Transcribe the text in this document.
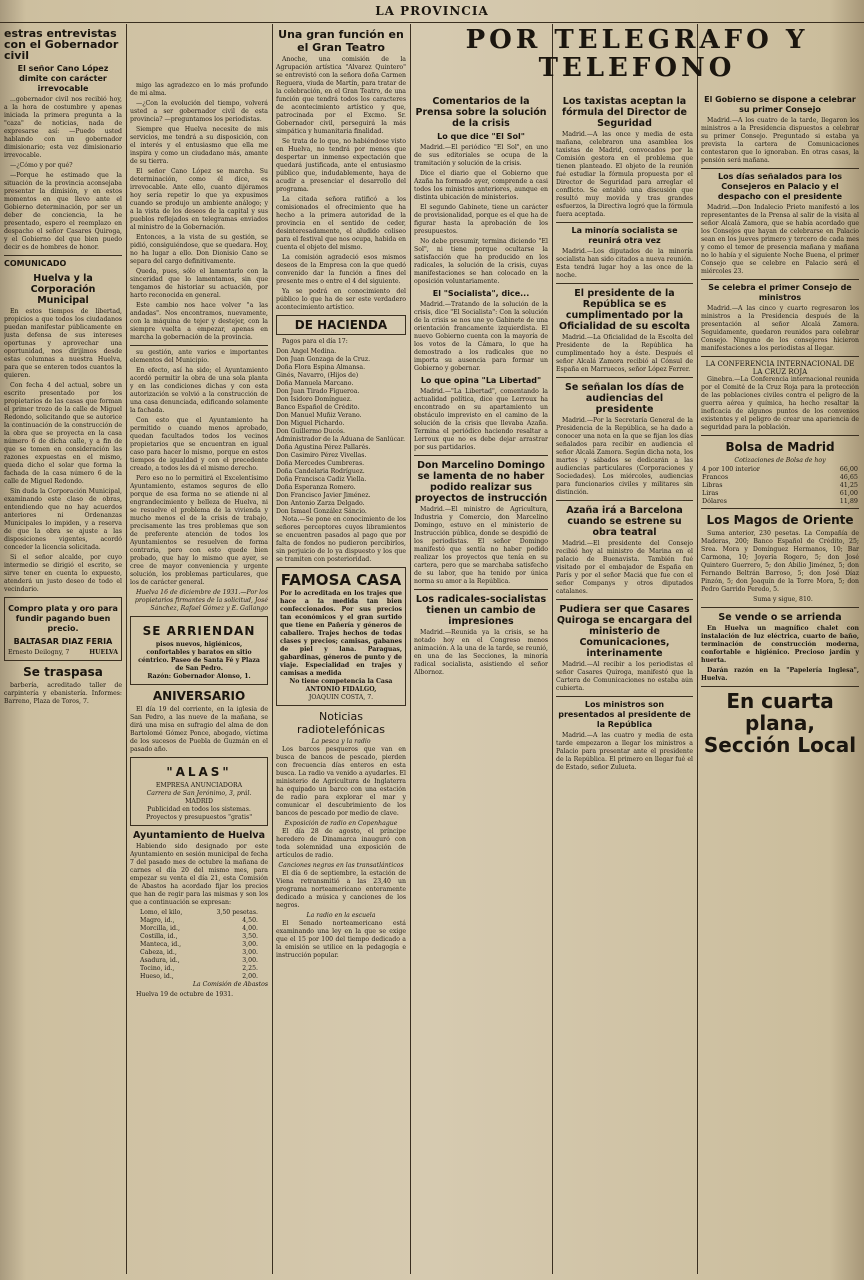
LA PROVINCIA
estras entrevistas con el Gobernador civil
El señor Cano López dimite con carácter irrevocable

...gobernador civil nos recibió hoy, a la hora de costumbre y apenas iniciada la primera pregunta a la "caza" de noticias, nada de expresarse así: —Puedo usted hablando con un gobernador dimisionario; esta vez dimisionario irrevocable.

—¿Cómo y por qué?

—Porque he estimado que la situación de la provincia aconsejaba presentar la dimisión, y en estos momentos en que llevo ante el Gobierno determinación, por ser un deber de conciencia, la he presentado, espero el reemplazo en despacho el señor Casares Quiroga, y el Gobierno del que bien puedo decir es de hombres de honor.

COMUNICADO
Huelva y la Corporación Municipal

En estos tiempos de libertad, propicios a que todos los ciudadanos puedan manifestar públicamente en justa defensa de sus intereses oportunas y aprovechar una oportunidad, nos dirijimos desde estas columnas a nuestra Huelva, para que se enteren todos cuantos la quieren.

Con fecha 4 del actual, sobre un escrito presentado por los propietarios de las casas que forman el primer trozo de la calle de Miguel Redondo, solicitando que se autorice la continuación de la construcción de la obra que se proyecta en la casa número 6 de dicha calle, y a fin de que se tomen en consideración las razones expuestas en el mismo, queda dicho el solar que forma la fachada de la casa número 6 de la calle de Miguel Redondo.

Sin duda la Corporación Municipal, examinando este claso de obras, entendiendo que no hay acuerdos anteriores ni Ordenanzas Municipales lo impiden, y a reserva de que la obra se ajuste a las disposiciones vigentes, acordó conceder la licencia solicitada.

Si el señor alcalde, por cuyo intermedio se dirigió el escrito, se sirve tener en cuenta lo expuesto, atenderá un justo deseo de todo el vecindario.

Compro plata y oro para fundir pagando buen precio.
BALTASAR DIAZ FERIA
Ernesto Deilogny, 7	HUELVA
Se traspasa

barbería, acreditado taller de carpintería y ebanistería. Informes: Barreno, Plaza de Toros, 7.

migo las agradezco en lo más profundo de mi alma.

—¿Con la evolución del tiempo, volverá usted a ser gobernador civil de esta provincia? —preguntamos los periodistas.

Siempre que Huelva necesite de mis servicios, me tendrá a su disposición, con el interés y el entusiasmo que ella me inspira y como un ciudadano más, amante de su tierra.

El señor Cano López se marcha. Su determinación, como él dice, es irrevocable. Ante ello, cuanto dijéramos hoy sería repetir lo que ya expusimos cuando se produjo un ambiente análogo; y a la vista de los deseos de la capital y sus pueblos reflejados en telegramas enviados al ministro de la Gobernación.

Entonces, a la vista de su gestión, se pidió, consiguiéndose, que se quedara. Hoy, no ha lugar a ello. Don Dionisio Cano se separa del cargo definitivamente.

Queda, pues, sólo el lamentarlo con la sinceridad que lo lamentamos, sin que tengamos de historiar su actuación, por harto reconocida en general.

Este cambio nos hace volver "a las andadas". Nos encontramos, nuevamente, con la máquina de tejer y destejer, con la siempre vuelta a empezar, apenas en marcha la gobernación de la provincia.

su gestión, ante varios e importantes elementos del Municipio.

En efecto, así ha sido; el Ayuntamiento acordó permitir la obra de una sola planta y en las condiciones dichas y con esta autorización se volvió a la construcción de una casa denunciada, edificando solamente la fachada.

Con esto que el Ayuntamiento ha permitido o cuando menos aprobado, quedan facultados todos los vecinos propietarios que se encuentran en igual caso para hacer lo mismo, porque en estos tiempos de igualdad y con el precedente creado, a todos les dá el mismo derecho.

Pero eso no lo permitirá el Excelentísimo Ayuntamiento, estamos seguros de ello porque de esa forma no se atiende ni al engrandecimiento y belleza de Huelva, ni se resuelve el problema de la vivienda y mucho menos el de la crisis de trabajo, precisamente las tres problemas que son de preferente atención de todos los Ayuntamientos se resuelven de forma contraria, pero con esto quede bien probado, que hay lo mismo que ayer, se cree de mayor conveniencia y urgente solución, los problemas particulares, que los de carácter general.

Huelva 16 de diciembre de 1931.—Por los propietarios firmantes de la solicitud, José Sánchez, Rafael Gómez y E. Gallango

SE ARRIENDAN
pisos nuevos, higiénicos, confortables y baratos en sitio céntrico. Paseo de Santa Fé y Plaza de San Pedro.
Razón: Gobernador Alonso, 1.
ANIVERSARIO

El día 19 del corriente, en la iglesia de San Pedro, a las nueve de la mañana, se dirá una misa en sufragio del alma de don Bartolomé Gómez Ponce, abogado, víctima de los sucesos de Puebla de Guzmán en el pasado año.

"ALAS"
EMPRESA ANUNCIADORA
Carrera de San Jerónimo, 3, prál.
MADRID
Publicidad en todos los sistemas.
Proyectos y presupuestos "gratis"
Ayuntamiento de Huelva

Habiendo sido designado por este Ayuntamiento en sesión municipal de fecha 7 del pasado mes de octubre la mañana de carnes el día 20 del mismo mes, para empezar su venta el día 21, esta Comisión de Abastos ha acordado fijar los precios que han de regir para las mismas y son los que a continuación se expresan:

Lomo, el kilo,	3,50 pesetas.
Magro, id.,	4,50.
Morcilla, id.,	4,00.
Costilla, id.,	3,50.
Manteca, id.,	3,00.
Cabeza, id.,	3,00.
Asadura, id.,	3,00.
Tocino, id.,	2,25.
Hueso, id.,	2,00.

La Comisión de Abastos

Huelva 19 de octubre de 1931.

Una gran función en el Gran Teatro

Anoche, una comisión de la Agrupación artística "Alvarez Quintero" se entrevistó con la señora doña Carmen Reguera, viuda de Martín, para tratar de la celebración, en el Gran Teatro, de una función que tendrá todos los caracteres de acontecimiento artístico y que, patrocinada por el Excmo. Sr. Gobernador civil, perseguirá la más simpática y humanitaria finalidad.

Se trata de lo que, no habiéndose visto en Huelva, no tendrá por menos que despertar un inmenso expectación que quedará justificada, ante el entusiasmo público que, indudablemente, haya de acudir a presenciar el desarrollo del programa.

La citada señora ratificó a los comisionados el ofrecimiento que ha hecho a la primera autoridad de la provincia en el sentido de ceder, desinteresadamente, el aludido coliseo para el festival que nos ocupa, habida en cuenta el objeto del mismo.

La comisión agradeció esos mismos deseos de la Empresa con la que quedó convenido dar la función a fines del presente mes o entre el 4 del siguiente.

Ya se podrá en conocimiento del público lo que ha de ser este verdadero acontecimiento artístico.

DE HACIENDA

Pagos para el día 17:

Don Angel Medina.
Don Juan Gonzaga de la Cruz.
Doña Flora Espina Almansa.
Ginés, Navarro, (Hijos de)
Doña Manuela Marcano.
Don Juan Tirado Figueroa.
Don Isidoro Domínguez.
Banco Español de Crédito.
Don Manuel Muñiz Verano.
Don Miguel Pichardo.
Don Guillermo Ducós.
Administrador de la Aduana de Sanlúcar.
Doña Agustina Pérez Pallarés.
Don Casimiro Pérez Vivellas.
Doña Mercedes Cumbreras.
Doña Candelaria Rodríguez.
Doña Francisca Cadiz Viella.
Doña Esperanza Romero.
Don Francisco Javier Jiménez.
Don Antonio Zarza Delgado.
Don Ismael González Sáncio.

Nota.—Se pone en conocimiento de los señores perceptores cuyos libramientos se encuentren pasados al pago que por falta de fondos no pudieron percibirlos, sin perjuicio de lo ya dispuesto y los que se tramiten con posterioridad.

FAMOSA CASA
Por lo acreditada en los trajes que hace a la medida tan bien confeccionados. Por sus precios tan económicos y el gran surtido que tiene en Pañería y géneros de caballero. Trajes hechos de todas clases y precios; camisas, gabanes de piel y lana. Paraguas, gabardinas, géneros de punto y de viaje. Especialidad en trajes y camisas a medida
No tiene competencia la Casa ANTONIO FIDALGO,
JOAQUIN COSTA, 7.
Noticias radiotelefónicas
La pesca y la radio

Los barcos pesqueros que van en busca de bancos de pescado, pierden con frecuencia días enteros en esta busca. La radio va venido a ayudarles. El ministerio de Agricultura de Inglaterra ha equipado un barco con una estación de radio para explorar el mar y comunicar el descubrimiento de los bancos de pescado por medio de clave.

Exposición de radio en Copenhague

El día 28 de agosto, el príncipe heredero de Dinamarca inauguró con toda solemnidad una exposición de artículos de radio.

Canciones negras en las transatlánticos

El día 6 de septiembre, la estación de Viena retransmitió a las 23,40 un programa norteamericano enteramente dedicado a música y canciones de los negros.

La radio en la escuela

El Senado norteamericano está examinando una ley en la que se exige que el 15 por 100 del tiempo dedicado a la emisión se utilice en la pedagogía e instrucción popular.

POR TELEGRAFO Y TELEFONO
Comentarios de la Prensa sobre la solución de la crisis
Lo que dice "El Sol"

Madrid.—El periódico "El Sol", en uno de sus editoriales se ocupa de la tramitación y solución de la crisis.

Dice el diario que el Gobierno que Azaña ha formado ayer, comprende a casi todos los ministros anteriores, aunque en distinta ubicación de ministerios.

El segundo Gabinete, tiene un carácter de provisionalidad, porque es el que ha de figurar hasta la aprobación de los presupuestos.

No debe presumir, termina diciendo "El Sol", ni tiene porque ocultarse la satisfacción que ha producido en los radicales, la solución de la crisis, cuyas manifestaciones se han colocado en la oposición voluntariamente.

El "Socialista", dice...

Madrid.—Tratando de la solución de la crisis, dice "El Socialista": Con la solución de la crisis se nos une yo Gabinete de una orientación francamente izquierdista. El nuevo Gobierno cuenta con la mayoría de los votos de la Cámara, lo que ha demostrado a los radicales que no importa su ausencia para formar un Gobierno y gobernar.

Lo que opina "La Libertad"

Madrid.—"La Libertad", comentando la actualidad política, dice que Lerroux ha encontrado en su apartamiento un obstáculo imprevisto en el camino de la solución de la crisis que llevaba Azaña. Termina el periódico haciendo resaltar a Lerroux que no es debe dejar arrastrar por sus partidarios.

Don Marcelino Domingo se lamenta de no haber podido realizar sus proyectos de instrucción

Madrid.—El ministro de Agricultura, Industria y Comercio, don Marcelino Domingo, estuvo en el ministerio de Instrucción pública, donde se despidió de los periodistas. El señor Domingo manifestó que sentía no haber podido realizar los proyectos que tenía en su cartera, pero que se marchaba satisfecho de su labor, que ha tenido por única norma su amor a la República.

Los radicales-socialistas tienen un cambio de impresiones

Madrid.—Reunida ya la crisis, se ha notado hoy en el Congreso menos animación. A la una de la tarde, se reunió, en una de las Secciones, la minoría radical socialista, asistiendo el señor Albornoz.

Los taxistas aceptan la fórmula del Director de Seguridad

Madrid.—A las once y media de esta mañana, celebraron una asamblea los taxistas de Madrid, convocados por la Comisión gestora en el problema que tienen planteado. El objeto de la reunión fué estudiar la fórmula propuesta por el Director de Seguridad para arreglar el conflicto. Se entabló una discusión que resultó muy movida y tras grandes esfuerzos, la Directiva logró que la fórmula fuera aceptada.

La minoría socialista se reunirá otra vez

Madrid.—Los diputados de la minoría socialista han sido citados a nueva reunión. Esta tendrá lugar hoy a las once de la noche.

El presidente de la República se es cumplimentado por la Oficialidad de su escolta

Madrid.—La Oficialidad de la Escolta del Presidente de la República ha cumplimentado hoy a éste. Después el señor Alcalá Zamora recibió al Cónsul de España en Marruecos, señor López Ferrer.

Se señalan los días de audiencias del presidente

Madrid.—Por la Secretaría General de la Presidencia de la República, se ha dado a conocer una nota en la que se fijan los días señalados para recibir en audiencia el señor Alcalá Zamora. Según dicha nota, los martes y sábados se dedicarán a las audiencias particulares (Corporaciones y Sociedades). Los miércoles, audiencias para funcionarios civiles y militares sin distinción.

Azaña irá a Barcelona cuando se estrene su obra teatral

Madrid.—El presidente del Consejo recibió hoy al ministro de Marina en el palacio de Buenavista. También fué visitado por el embajador de España en París y por el señor Maciá que fue con el señor Companys y otros diputados catalanes.

Pudiera ser que Casares Quiroga se encargara del ministerio de Comunicaciones, interinamente

Madrid.—Al recibir a los periodistas el señor Casares Quiroga, manifestó que la Cartera de Comunicaciones no estaba aún cubierta.

Los ministros son presentados al presidente de la República

Madrid.—A las cuatro y media de esta tarde empezaron a llegar los ministros a Palacio para presentar ante el presidente de la República. El primero en llegar fué el de Estado, señor Zulueta.

El Gobierno se dispone a celebrar su primer Consejo

Madrid.—A los cuatro de la tarde, llegaron los ministros a la Presidencia dispuestos a celebrar su primer Consejo. Preguntado si estaba ya prevista la cartera de Comunicaciones contestaron que lo ignoraban. En otras casas, la pensión será mañana.

Los días señalados para los Consejeros en Palacio y el despacho con el presidente

Madrid.—Don Indalecio Prieto manifestó a los representantes de la Prensa al salir de la visita al señor Alcalá Zamora, que se había acordado que los Consejos que hayan de celebrarse en Palacio sean en los jueves primero y tercero de cada mes y como el temor de presencia mañana y mañana no lo había y el siguiente Noche Buena, el primer Consejo que se celebre en Palacio será el miércoles 23.

Se celebra el primer Consejo de ministros

Madrid.—A las cinco y cuarto regresaron los ministros a la Presidencia después de la presentación al señor Alcalá Zamora. Seguidamente, quedaron reunidos para celebrar Consejo. Ninguno de los consejeros hicieron manifestaciones a los periodistas al llegar.

LA CONFERENCIA INTERNACIONAL DE LA CRUZ ROJA

Ginebra.—La Conferencia internacional reunida por el Comité de la Cruz Roja para la protección de las poblaciones civiles contra el peligro de la guerra aérea y química, ha hecho resaltar la ineficacia de algunos puntos de los convenios existentes y el peligro de crear una apariencia de seguridad para la población.

Bolsa de Madrid
Cotizaciones de Bolsa de hoy
4 por 100 interior	66,00
Francos	46,65
Libras	41,25
Liras	61,00
Dólares	11,89
Los Magos de Oriente

Suma anterior, 230 pesetas. La Compañía de Maderas, 200; Banco Español de Crédito, 25; Srea. Mora y Domínguez Hermanos, 10; Bar Carmona, 10; Joyería Rogero, 5; don José Quintero Guerrero, 5; don Abilio Jiménez, 5; don Fernando Beltrán Barroso, 5; don José Díaz Pinzón, 5; don Joaquín de la Torre Mora, 5; don Pedro Garrido Peredo, 5.

Suma y sigue, 810.

Se vende o se arrienda

En Huelva un magnífico chalet con instalación de luz eléctrica, cuarto de baño, terminación de construcción moderna, confortable e higiénico. Precioso jardín y huerta.

Darán razón en la "Papelería Inglesa", Huelva.

En cuarta plana, Sección Local
